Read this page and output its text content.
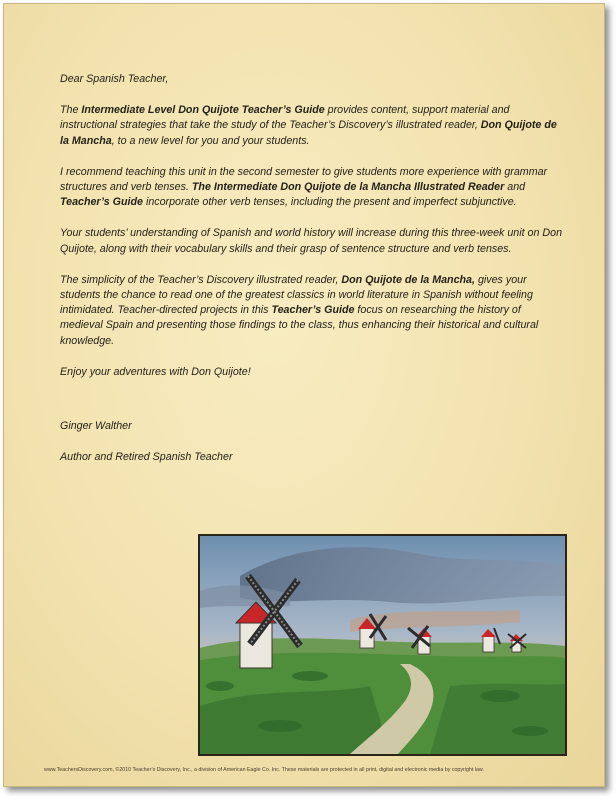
Dear Spanish Teacher,

The Intermediate Level Don Quijote Teacher’s Guide provides content, support material and instructional strategies that take the study of the Teacher’s Discovery’s illustrated reader, Don Quijote de la Mancha, to a new level for you and your students.

I recommend teaching this unit in the second semester to give students more experience with grammar structures and verb tenses. The Intermediate Don Quijote de la Mancha Illustrated Reader and Teacher’s Guide incorporate other verb tenses, including the present and imperfect subjunctive.

Your students’ understanding of Spanish and world history will increase during this three-week unit on Don Quijote, along with their vocabulary skills and their grasp of sentence structure and verb tenses.

The simplicity of the Teacher’s Discovery illustrated reader, Don Quijote de la Mancha, gives your students the chance to read one of the greatest classics in world literature in Spanish without feeling intimidated. Teacher-directed projects in this Teacher’s Guide focus on researching the history of medieval Spain and presenting those findings to the class, thus enhancing their historical and cultural knowledge.

Enjoy your adventures with Don Quijote!

Ginger Walther

Author and Retired Spanish Teacher

www.TeachersDiscovery.com, ©2010 Teacher’s Discovery, Inc., a division of American Eagle Co. Inc. These materials are protected in all print, digital and electronic media by copyright law.
